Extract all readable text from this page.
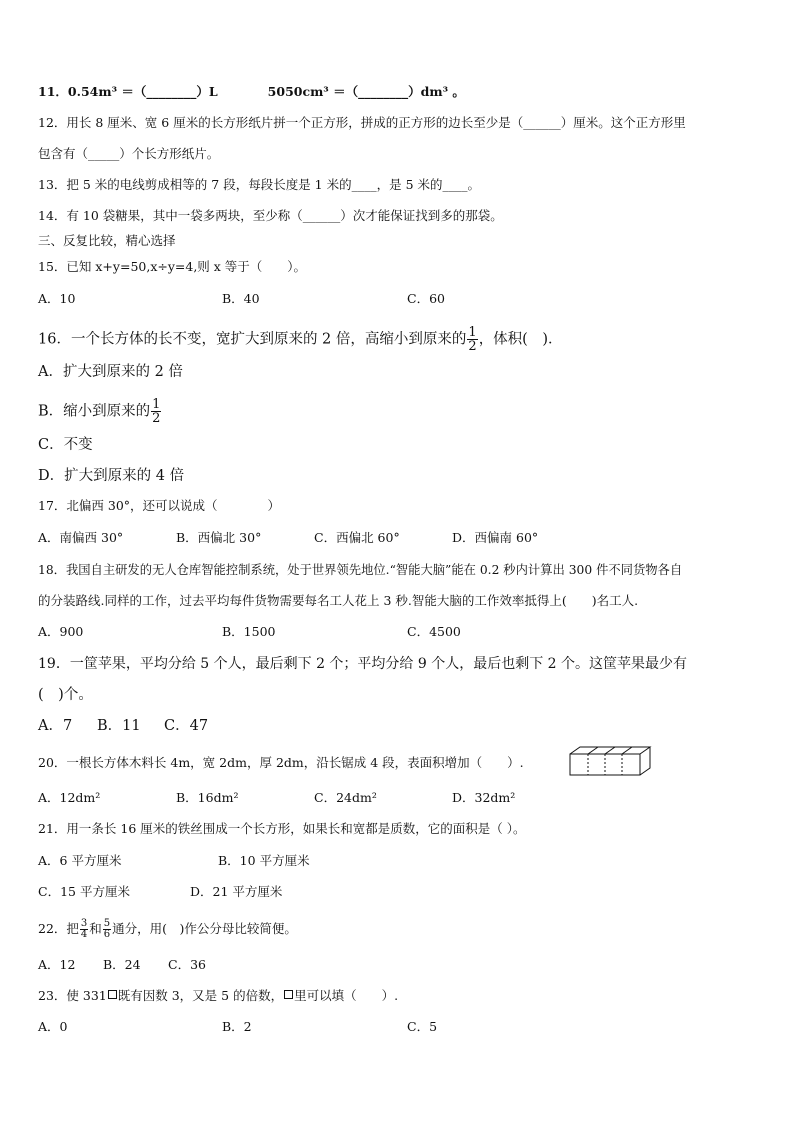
11．0.54m³ ＝（________）L　　　　5050cm³ ＝（________）dm³ 。
12．用长 8 厘米、宽 6 厘米的长方形纸片拼一个正方形，拼成的正方形的边长至少是（______）厘米。这个正方形里
包含有（_____）个长方形纸片。
13．把 5 米的电线剪成相等的 7 段，每段长度是 1 米的____，是 5 米的____。
14．有 10 袋糖果，其中一袋多两块，至少称（______）次才能保证找到多的那袋。
三、反复比较，精心选择
15．已知 x+y=50,x÷y=4,则 x 等于（　　）。
A．10	B．40	C．60
16．一个长方体的长不变，宽扩大到原来的 2 倍，高缩小到原来的 $\frac{1}{2}$ ，体积(　)．
A．扩大到原来的 2 倍
B．缩小到原来的 $\frac{1}{2}$
C．不变
D．扩大到原来的 4 倍
17．北偏西 30°，还可以说成（　　　　）
A．南偏西 30°	B．西偏北 30°	C．西偏北 60°	D．西偏南 60°
18．我国自主研发的无人仓库智能控制系统，处于世界领先地位.“智能大脑”能在 0.2 秒内计算出 300 件不同货物各自
的分装路线.同样的工作，过去平均每件货物需要每名工人花上 3 秒.智能大脑的工作效率抵得上(　　)名工人.
A．900	B．1500	C．4500
19．一筐苹果，平均分给 5 个人，最后剩下 2 个；平均分给 9 个人，最后也剩下 2 个。这筐苹果最少有
(　)个。
A．7 B．11 C．47
20．一根长方体木料长 4m，宽 2dm，厚 2dm，沿长锯成 4 段，表面积增加（　　）.
A．12dm²	B．16dm²	C．24dm²	D．32dm²
21．用一条长 16 厘米的铁丝围成一个长方形，如果长和宽都是质数，它的面积是（ ）。
A．6 平方厘米	B．10 平方厘米
C．15 平方厘米	D．21 平方厘米
22．把 $\frac{3}{4}$ 和 $\frac{5}{6}$ 通分，用(　)作公分母比较简便。
A．12 B．24 C．36
23．使 331 既有因数 3，又是 5 的倍数， 里可以填（　　）.
A．0	B．2	C．5
